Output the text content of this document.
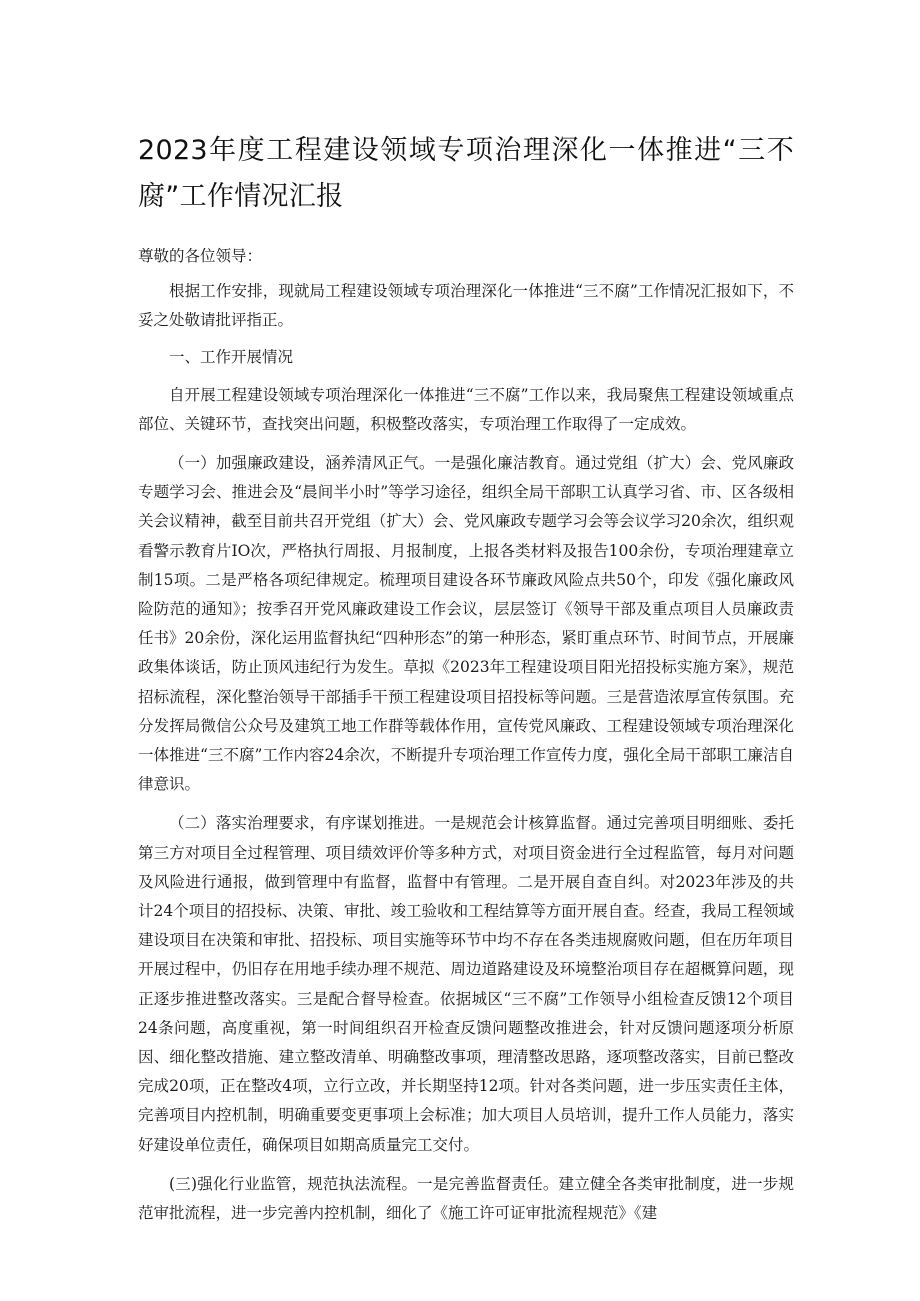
2023年度工程建设领域专项治理深化一体推进“三不腐”工作情况汇报

尊敬的各位领导：

根据工作安排，现就局工程建设领域专项治理深化一体推进“三不腐”工作情况汇报如下，不妥之处敬请批评指正。

一、工作开展情况

自开展工程建设领域专项治理深化一体推进“三不腐”工作以来，我局聚焦工程建设领域重点部位、关键环节，查找突出问题，积极整改落实，专项治理工作取得了一定成效。

（一）加强廉政建设，涵养清风正气。一是强化廉洁教育。通过党组（扩大）会、党风廉政专题学习会、推进会及“晨间半小时”等学习途径，组织全局干部职工认真学习省、市、区各级相关会议精神，截至目前共召开党组（扩大）会、党风廉政专题学习会等会议学习20余次，组织观看警示教育片IO次，严格执行周报、月报制度，上报各类材料及报告100余份，专项治理建章立制15项。二是严格各项纪律规定。梳理项目建设各环节廉政风险点共50个，印发《强化廉政风险防范的通知》；按季召开党风廉政建设工作会议，层层签订《领导干部及重点项目人员廉政责任书》20余份，深化运用监督执纪“四种形态”的第一种形态，紧盯重点环节、时间节点，开展廉政集体谈话，防止顶风违纪行为发生。草拟《2023年工程建设项目阳光招投标实施方案》，规范招标流程，深化整治领导干部插手干预工程建设项目招投标等问题。三是营造浓厚宣传氛围。充分发挥局微信公众号及建筑工地工作群等载体作用，宣传党风廉政、工程建设领域专项治理深化一体推进“三不腐”工作内容24余次，不断提升专项治理工作宣传力度，强化全局干部职工廉洁自律意识。

（二）落实治理要求，有序谋划推进。一是规范会计核算监督。通过完善项目明细账、委托第三方对项目全过程管理、项目绩效评价等多种方式，对项目资金进行全过程监管，每月对问题及风险进行通报，做到管理中有监督，监督中有管理。二是开展自查自纠。对2023年涉及的共计24个项目的招投标、决策、审批、竣工验收和工程结算等方面开展自查。经查，我局工程领域建设项目在决策和审批、招投标、项目实施等环节中均不存在各类违规腐败问题，但在历年项目开展过程中，仍旧存在用地手续办理不规范、周边道路建设及环境整治项目存在超概算问题，现正逐步推进整改落实。三是配合督导检查。依据城区“三不腐”工作领导小组检查反馈12个项目24条问题，高度重视，第一时间组织召开检查反馈问题整改推进会，针对反馈问题逐项分析原因、细化整改措施、建立整改清单、明确整改事项，理清整改思路，逐项整改落实，目前已整改完成20项，正在整改4项，立行立改，并长期坚持12项。针对各类问题，进一步压实责任主体，完善项目内控机制，明确重要变更事项上会标准；加大项目人员培训，提升工作人员能力，落实好建设单位责任，确保项目如期高质量完工交付。

(三)强化行业监管，规范执法流程。一是完善监督责任。建立健全各类审批制度，进一步规范审批流程，进一步完善内控机制，细化了《施工许可证审批流程规范》《建
